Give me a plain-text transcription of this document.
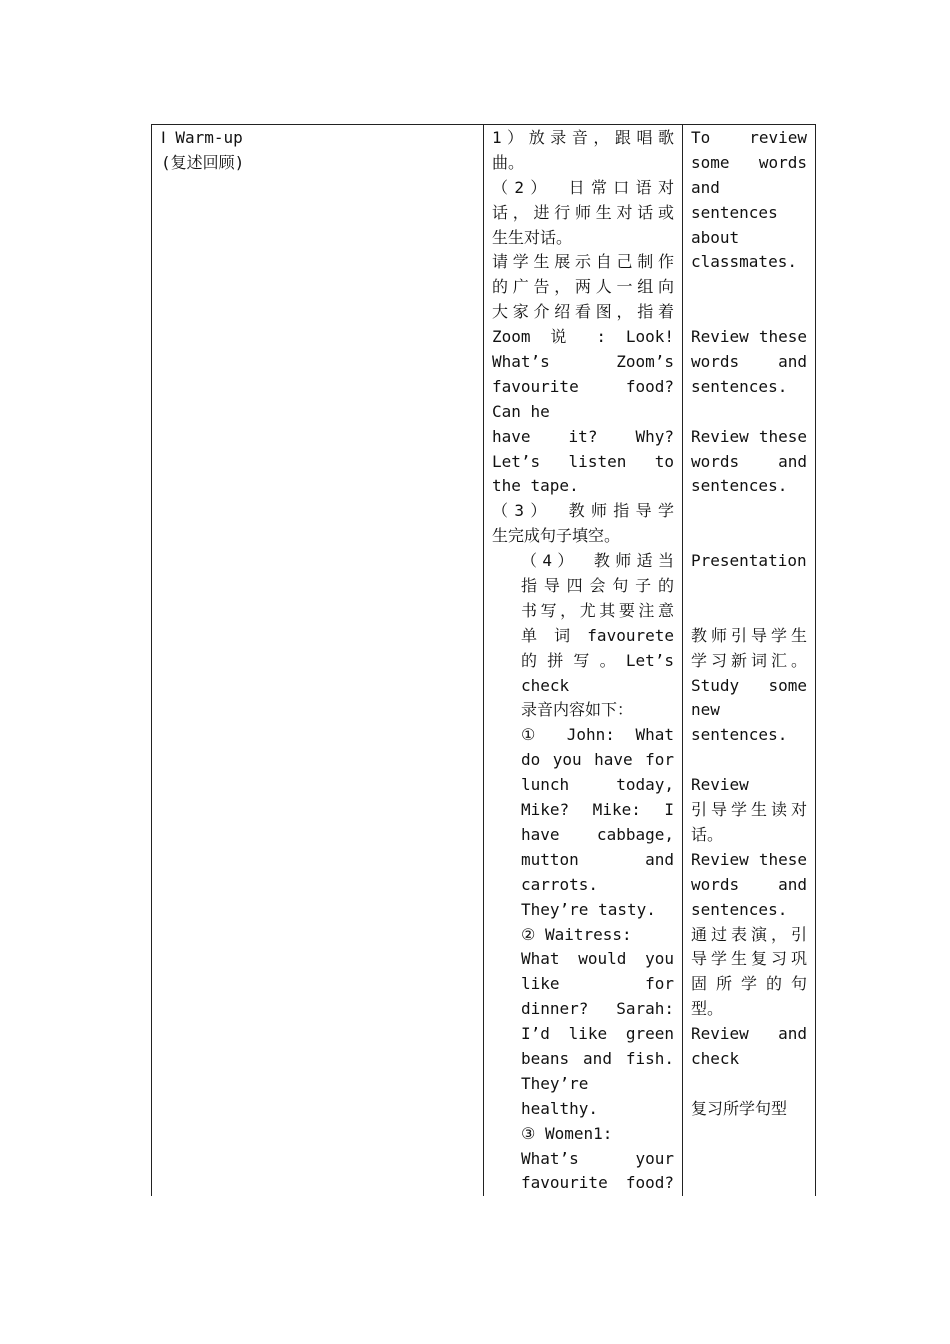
Ⅰ Warm-up
(复述回顾)
1）放录音，跟唱歌
曲。
（2） 日常口语对
话，进行师生对话或
生生对话。
请学生展示自己制作
的广告，两人一组向
大家介绍看图，指着
Zoom 说 : Look!
What’s Zoom’s
favourite food?
Can he
have it? Why?
Let’s listen to
the tape.
（3） 教师指导学
生完成句子填空。
（4） 教师适当
指导四会句子的
书写，尤其要注意
单 词 favourete
的拼写。Let’s
check
录音内容如下：
① John: What
do you have for
lunch today,
Mike? Mike: I
have cabbage,
mutton and
carrots.
They’re tasty.
② Waitress:
What would you
like for
dinner? Sarah:
I’d like green
beans and fish.
They’re
healthy.
③ Women1:
What’s your
favourite food?
To review
some words
and
sentences
about
classmates.
Review these
words and
sentences.
Review these
words and
sentences.
Presentation
教师引导学生
学习新词汇。
Study some
new
sentences.
Review
引导学生读对
话。
Review these
words and
sentences.
通过表演，引
导学生复习巩
固所学的句
型。
Review and
check
复习所学句型
